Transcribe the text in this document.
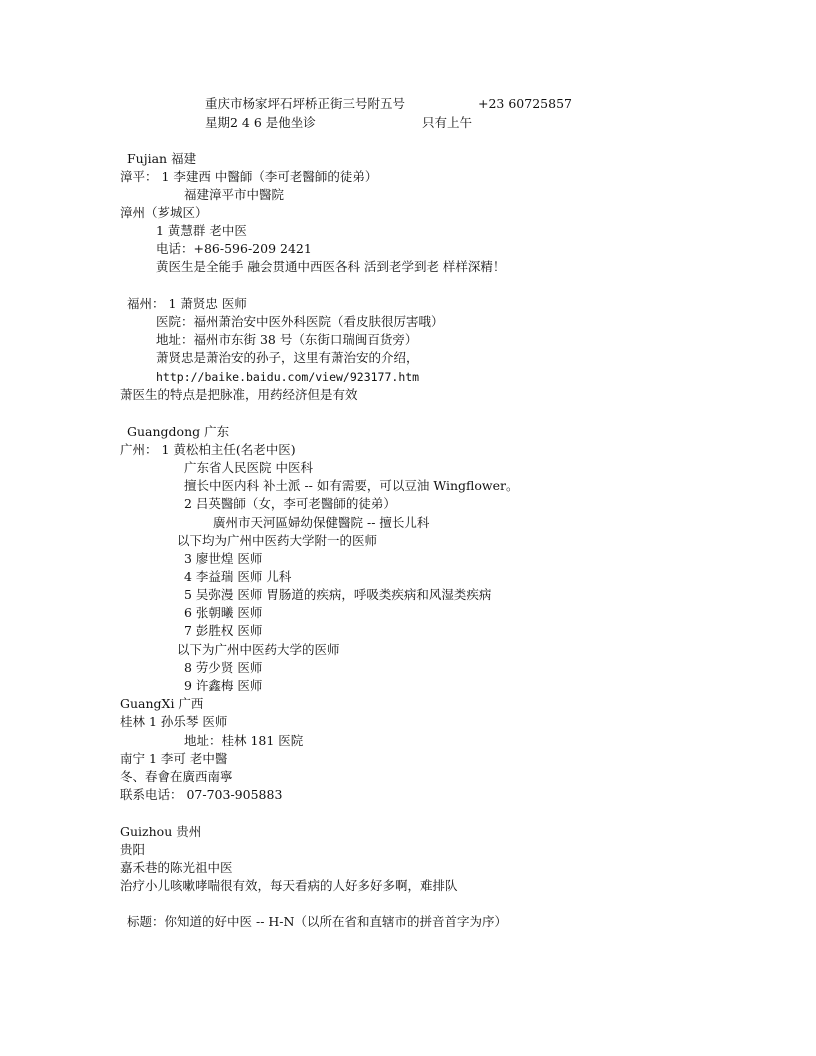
重庆市杨家坪石坪桥正街三号附五号	+23 60725857
星期2 4 6 是他坐诊	只有上午
Fujian 福建
漳平： 1 李建西 中醫師（李可老醫師的徒弟）
福建漳平市中醫院
漳州（芗城区）
1 黄慧群 老中医
电话：+86-596-209 2421
黄医生是全能手 融会贯通中西医各科 活到老学到老 样样深精！
福州： 1 萧贤忠 医师
医院：福州萧治安中医外科医院（看皮肤很厉害哦）
地址：福州市东街 38 号（东街口瑞闽百货旁）
萧贤忠是萧治安的孙子，这里有萧治安的介绍，
http://baike.baidu.com/view/923177.htm
萧医生的特点是把脉准，用药经济但是有效
Guangdong 广东
广州： 1 黄松柏主任(名老中医)
广东省人民医院 中医科
擅长中医内科 补土派 -- 如有需要，可以豆油 Wingflower。
2 吕英醫師（女，李可老醫師的徒弟）
廣州市天河區婦幼保健醫院 -- 擅长儿科
以下均为广州中医药大学附一的医师
3 廖世煌 医师
4 李益瑞 医师 儿科
5 吴弥漫 医师 胃肠道的疾病，呼吸类疾病和风湿类疾病
6 张朝曦 医师
7 彭胜权 医师
以下为广州中医药大学的医师
8 劳少贤 医师
9 许鑫梅 医师
GuangXi 广西
桂林 1 孙乐琴 医师
地址：桂林 181 医院
南宁 1 李可 老中醫
冬、春會在廣西南寧
联系电话： 07-703-905883
Guizhou 贵州
贵阳
嘉禾巷的陈光祖中医
治疗小儿咳嗽哮喘很有效，每天看病的人好多好多啊，难排队
标题：你知道的好中医 -- H-N（以所在省和直辖市的拼音首字为序）
